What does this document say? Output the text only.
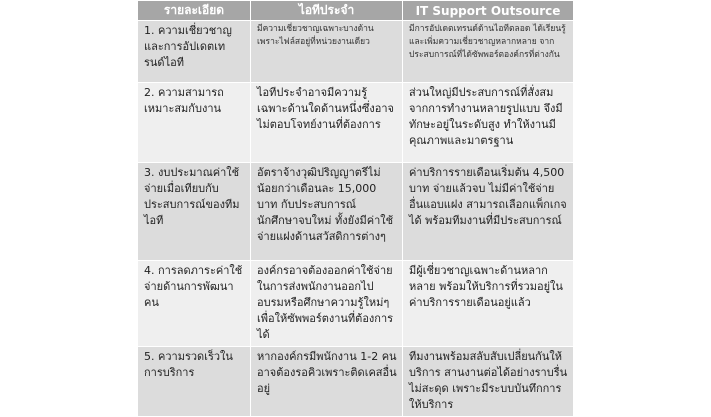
รายละเอียด	ไอทีประจำ	IT Support Outsource
1. ความเชี่ยวชาญและการอัปเดตเทรนด์ไอที	มีความเชี่ยวชาญเฉพาะบางด้าน เพราะไฟล์สอยู่ที่หน่วยงานเดียว	มีการอัปเดตเทรนด์ด้านไอทีตลอด ได้เรียนรู้และเพิ่มความเชี่ยวชาญหลากหลาย จากประสบการณ์ที่ได้ซัพพอร์ตองค์กรที่ต่างกัน
2. ความสามารถเหมาะสมกับงาน	ไอทีประจำอาจมีความรู้เฉพาะด้านใดด้านหนึ่งซึ่งอาจไม่ตอบโจทย์งานที่ต้องการ	ส่วนใหญ่มีประสบการณ์ที่สั่งสมจากการทำงานหลายรูปแบบ จึงมีทักษะอยู่ในระดับสูง ทำให้งานมีคุณภาพและมาตรฐาน
3. งบประมาณค่าใช้จ่ายเมื่อเทียบกับประสบการณ์ของทีมไอที	อัตราจ้างวุฒิปริญญาตรีไม่น้อยกว่าเดือนละ 15,000 บาท กับประสบการณ์นักศึกษาจบใหม่ ทั้งยังมีค่าใช้จ่ายแฝงด้านสวัสดิการต่างๆ	ค่าบริการรายเดือนเริ่มต้น 4,500 บาท จ่ายแล้วจบ ไม่มีค่าใช้จ่ายอื่นแอบแฝง สามารถเลือกแพ็กเกจได้ พร้อมทีมงานที่มีประสบการณ์
4. การลดภาระค่าใช้จ่ายด้านการพัฒนาคน	องค์กรอาจต้องออกค่าใช้จ่ายในการส่งพนักงานออกไปอบรมหรือศึกษาความรู้ใหม่ๆ เพื่อให้ซัพพอร์ตงานที่ต้องการได้	มีผู้เชี่ยวชาญเฉพาะด้านหลากหลาย พร้อมให้บริการที่รวมอยู่ในค่าบริการรายเดือนอยู่แล้ว
5. ความรวดเร็วในการบริการ	หากองค์กรมีพนักงาน 1-2 คน อาจต้องรอคิวเพราะติดเคสอื่นอยู่	ทีมงานพร้อมสลับสับเปลี่ยนกันให้บริการ สานงานต่อได้อย่างราบรื่น ไม่สะดุด เพราะมีระบบบันทึกการให้บริการ
